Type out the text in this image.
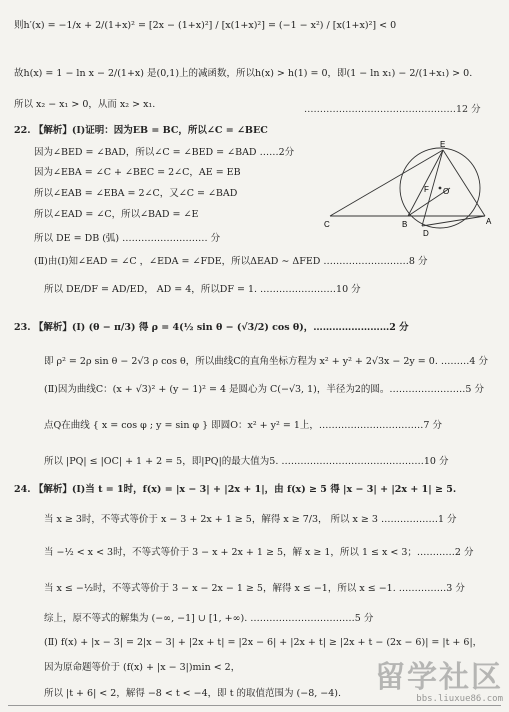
则h′(x) = −1/x + 2/(1+x)² = [2x − (1+x)²] / [x(1+x)²] = (−1 − x²) / [x(1+x)²] < 0
故h(x) = 1 − ln x − 2/(1+x) 是(0,1)上的减函数，所以h(x) > h(1) = 0，即(1 − ln x₁) − 2/(1+x₁) > 0.
所以 x₂ − x₁ > 0，从而 x₂ > x₁.	…………………………………………12 分
22. 【解析】(Ⅰ)证明：因为EB = BC，所以∠C = ∠BEC
因为∠BED = ∠BAD，所以∠C = ∠BED = ∠BAD ……2分
因为∠EBA = ∠C + ∠BEC = 2∠C，AE = EB
所以∠EAB = ∠EBA = 2∠C，又∠C = ∠BAD
所以∠EAD = ∠C，所以∠BAD = ∠E
所以 DE = DB (弧) ……………………… 分
(Ⅱ)由(Ⅰ)知∠EAD = ∠C ，∠EDA = ∠FDE，所以ΔEAD ∼ ΔFED ………………………8 分
所以 DE/DF = AD/ED， AD = 4，所以DF = 1. ……………………10 分
E
F O
C	B
D
A
23. 【解析】(Ⅰ) (θ − π/3) 得 ρ = 4(½ sin θ − (√3/2) cos θ)，……………………2 分
即 ρ² = 2ρ sin θ − 2√3 ρ cos θ，所以曲线C的直角坐标方程为 x² + y² + 2√3x − 2y = 0. ………4 分
(Ⅱ)因为曲线C：(x + √3)² + (y − 1)² = 4 是圆心为 C(−√3, 1)，半径为2的圆。……………………5 分
点Q在曲线 { x = cos φ ; y = sin φ } 即圆O：x² + y² = 1上，……………………………7 分
所以 |PQ| ≤ |OC| + 1 + 2 = 5，即|PQ|的最大值为5. ………………………………………10 分
24. 【解析】(Ⅰ)当 t = 1时，f(x) = |x − 3| + |2x + 1|，由 f(x) ≥ 5 得 |x − 3| + |2x + 1| ≥ 5.
当 x ≥ 3时，不等式等价于 x − 3 + 2x + 1 ≥ 5，解得 x ≥ 7/3， 所以 x ≥ 3 ………………1 分
当 −½ < x < 3时，不等式等价于 3 − x + 2x + 1 ≥ 5，解 x ≥ 1，所以 1 ≤ x < 3；…………2 分
当 x ≤ −½时，不等式等价于 3 − x − 2x − 1 ≥ 5，解得 x ≤ −1，所以 x ≤ −1. ……………3 分
综上，原不等式的解集为 (−∞, −1] ∪ [1, +∞). ……………………………5 分
(Ⅱ) f(x) + |x − 3| = 2|x − 3| + |2x + t| = |2x − 6| + |2x + t| ≥ |2x + t − (2x − 6)| = |t + 6|，
因为原命题等价于 (f(x) + |x − 3|)min < 2，
所以 |t + 6| < 2，解得 −8 < t < −4，即 t 的取值范围为 (−8, −4). 留学社区
bbs.liuxue86.com
